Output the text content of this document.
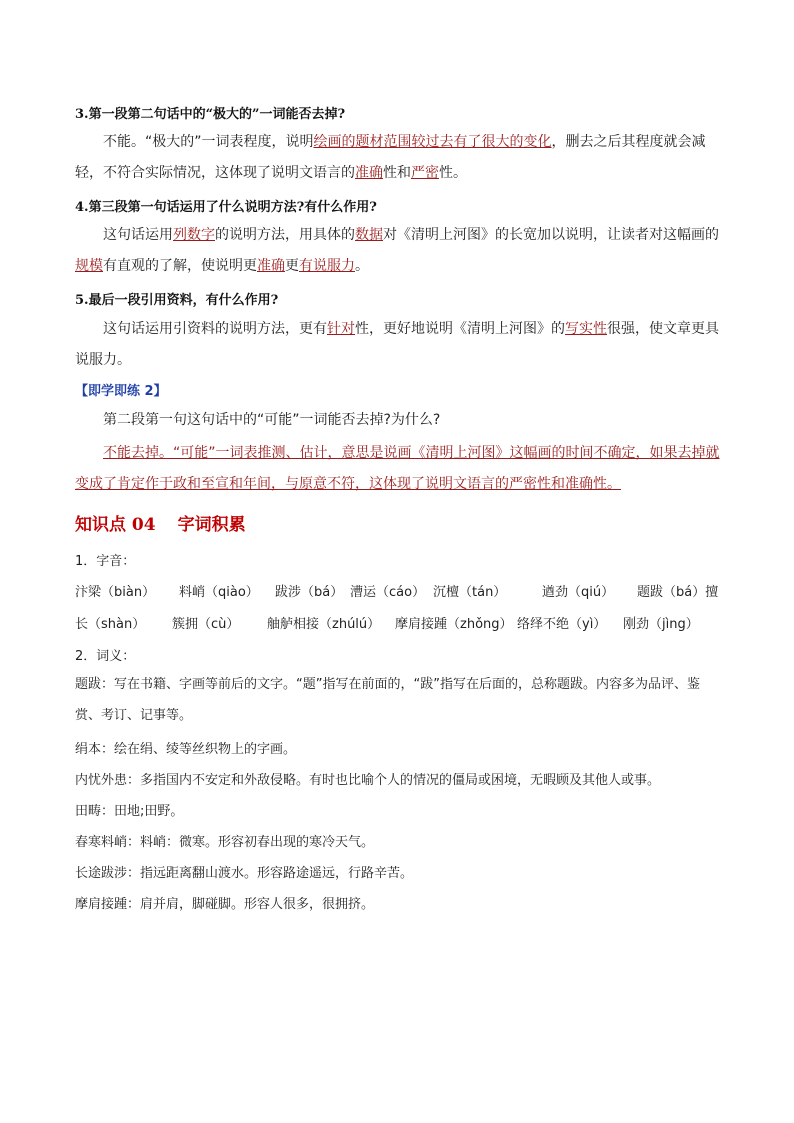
3.第一段第二句话中的“极大的”一词能否去掉?
不能。“极大的”一词表程度，说明绘画的题材范围较过去有了很大的变化，删去之后其程度就会减轻，不符合实际情况，这体现了说明文语言的准确性和严密性。
4.第三段第一句话运用了什么说明方法?有什么作用?
这句话运用列数字的说明方法，用具体的数据对《清明上河图》的长宽加以说明，让读者对这幅画的规模有直观的了解，使说明更准确更有说服力。
5.最后一段引用资料，有什么作用?
这句话运用引资料的说明方法，更有针对性，更好地说明《清明上河图》的写实性很强，使文章更具说服力。
【即学即练 2】
第二段第一句这句话中的“可能”一词能否去掉?为什么?
不能去掉。“可能”一词表推测、估计，意思是说画《清明上河图》这幅画的时间不确定，如果去掉就变成了肯定作于政和至宣和年间，与原意不符，这体现了说明文语言的严密性和准确性。
知识点 04 字词积累
1．字音：
汴梁（biàn） 料峭（qiào） 跋涉（bá） 漕运（cáo） 沉檀（tán）	遒劲（qiú） 题跋（bá）擅
长（shàn） 簇拥（cù） 舳舻相接（zhúlú） 摩肩接踵（zhǒng） 络绎不绝（yì） 刚劲（jìng）
2．词义：
题跋：写在书籍、字画等前后的文字。“题”指写在前面的，“跋”指写在后面的，总称题跋。内容多为品评、鉴赏、考订、记事等。
绢本：绘在绢、绫等丝织物上的字画。
内忧外患：多指国内不安定和外敌侵略。有时也比喻个人的情况的僵局或困境，无暇顾及其他人或事。
田畴：田地;田野。
春寒料峭：料峭：微寒。形容初春出现的寒冷天气。
长途跋涉：指远距离翻山渡水。形容路途遥远，行路辛苦。
摩肩接踵：肩并肩，脚碰脚。形容人很多，很拥挤。
